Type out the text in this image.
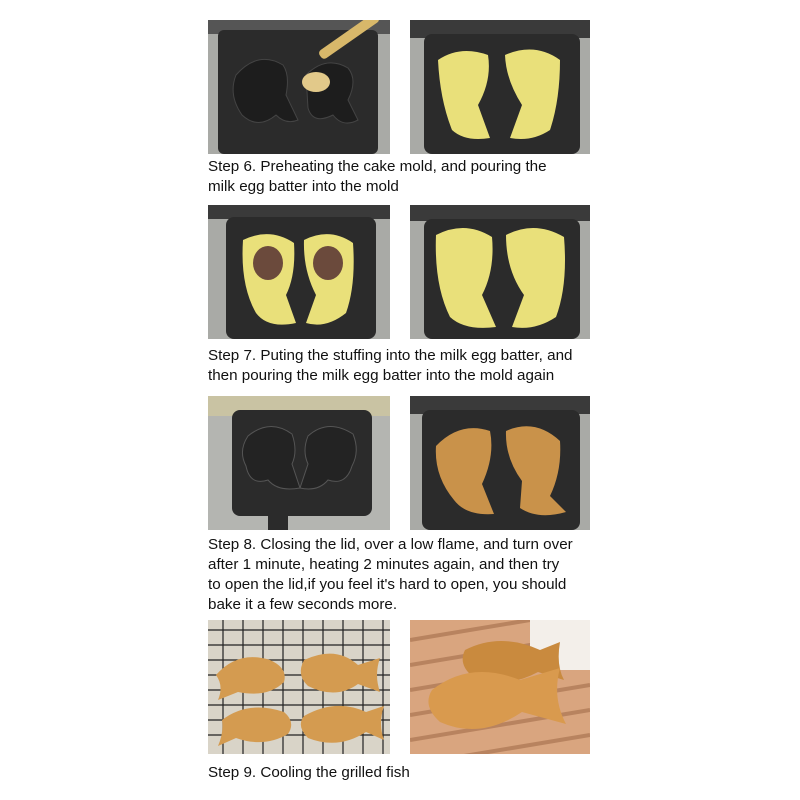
Step 6. Preheating the cake mold, and pouring the
milk egg batter into the mold

Step 7. Puting the stuffing into the milk egg batter, and
then pouring the milk egg batter into the mold again

Step 8. Closing the lid, over a low flame, and turn over
after 1 minute, heating 2 minutes again, and then try
to open the lid,if you feel it's hard to open, you should
bake it a few seconds more.

Step 9. Cooling the grilled fish
